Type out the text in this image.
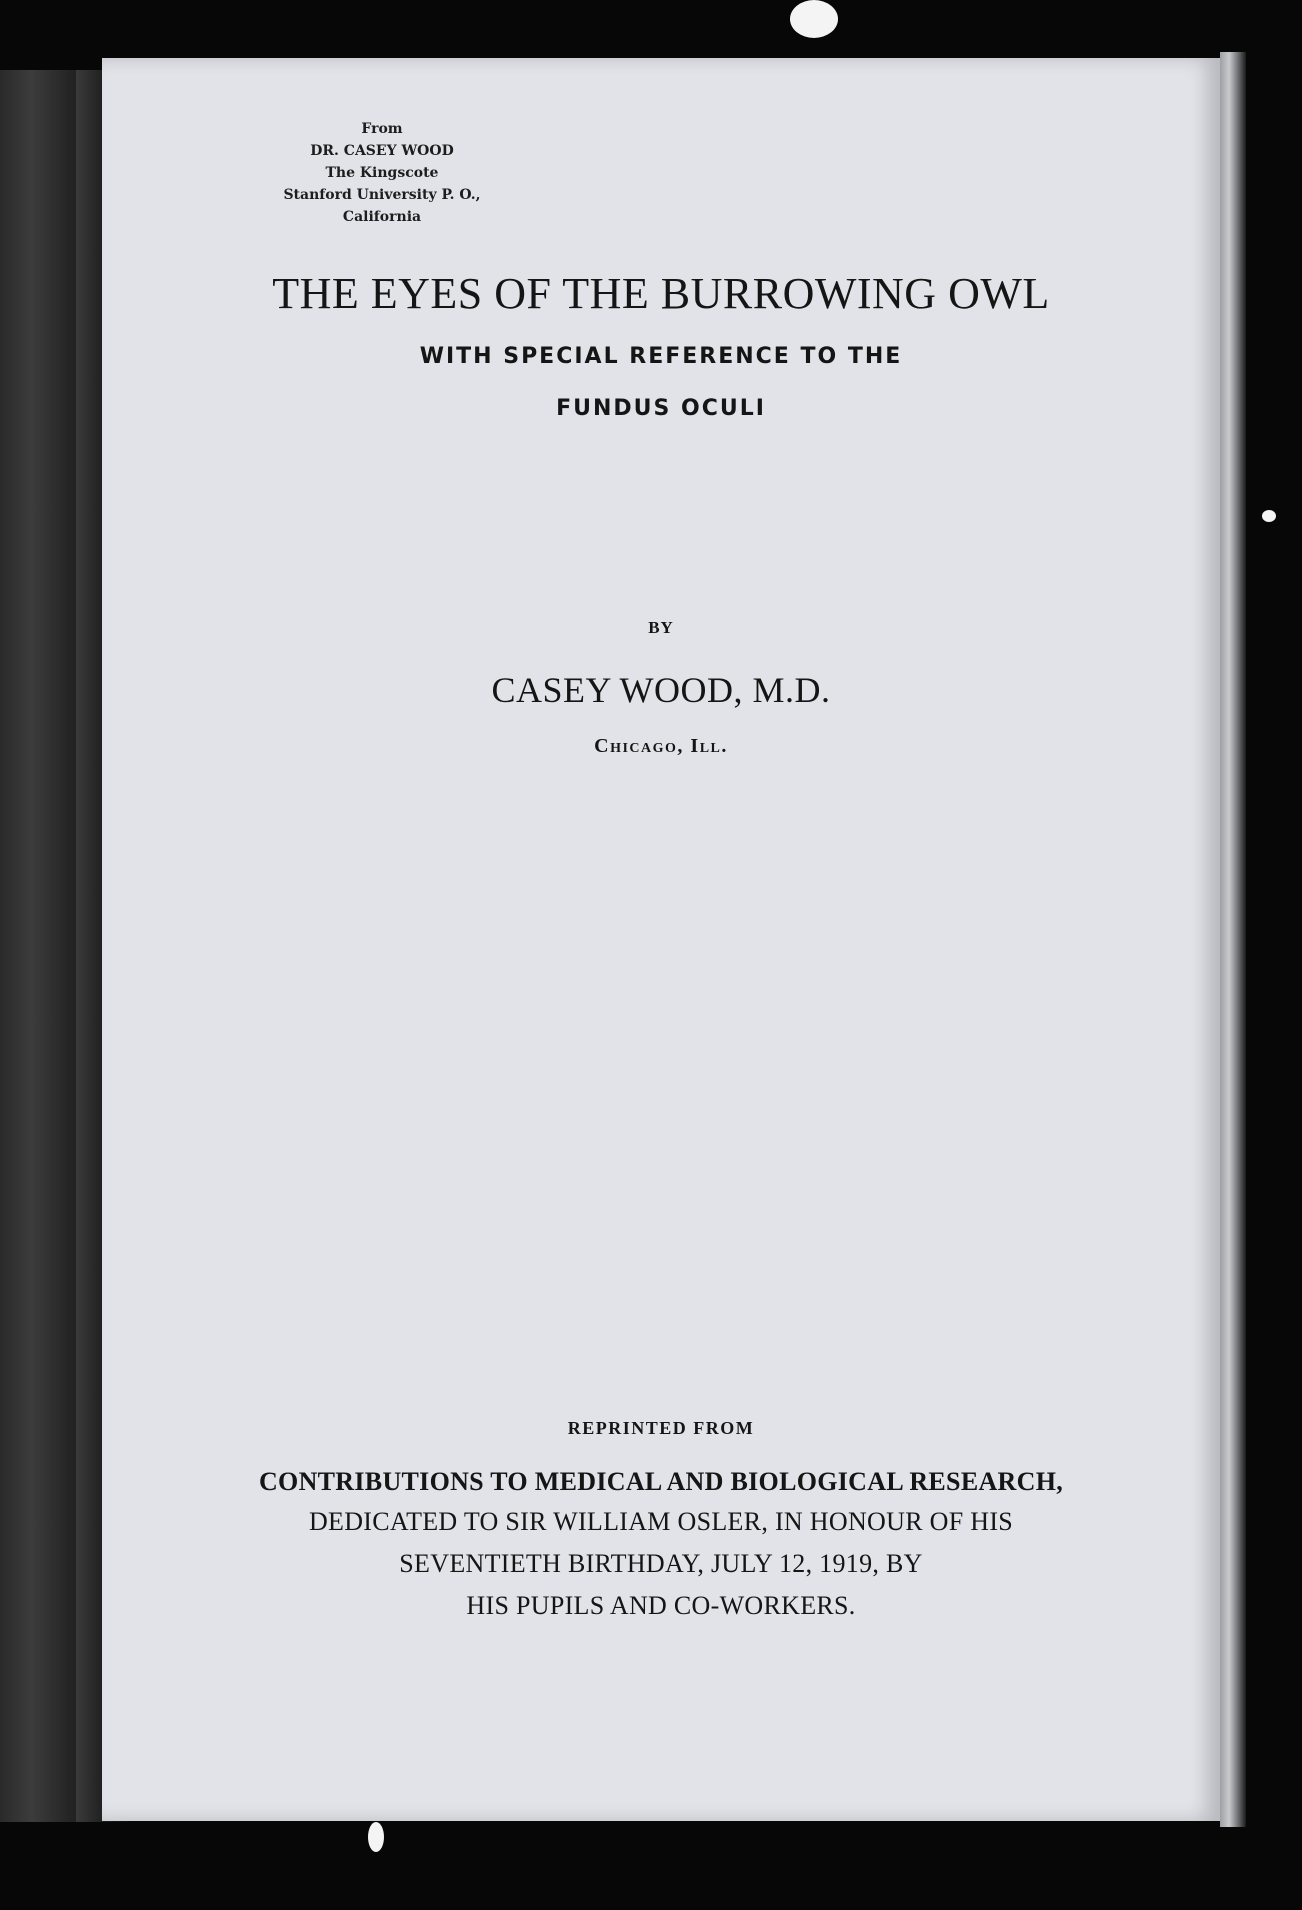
From
DR. CASEY WOOD
The Kingscote
Stanford University P. O.,
California
THE EYES OF THE BURROWING OWL
WITH SPECIAL REFERENCE TO THE
FUNDUS OCULI
BY
CASEY WOOD, M.D.
Chicago, Ill.
REPRINTED FROM
CONTRIBUTIONS TO MEDICAL AND BIOLOGICAL RESEARCH,
DEDICATED TO SIR WILLIAM OSLER, IN HONOUR OF HIS
SEVENTIETH BIRTHDAY, JULY 12, 1919, BY
HIS PUPILS AND CO-WORKERS.
